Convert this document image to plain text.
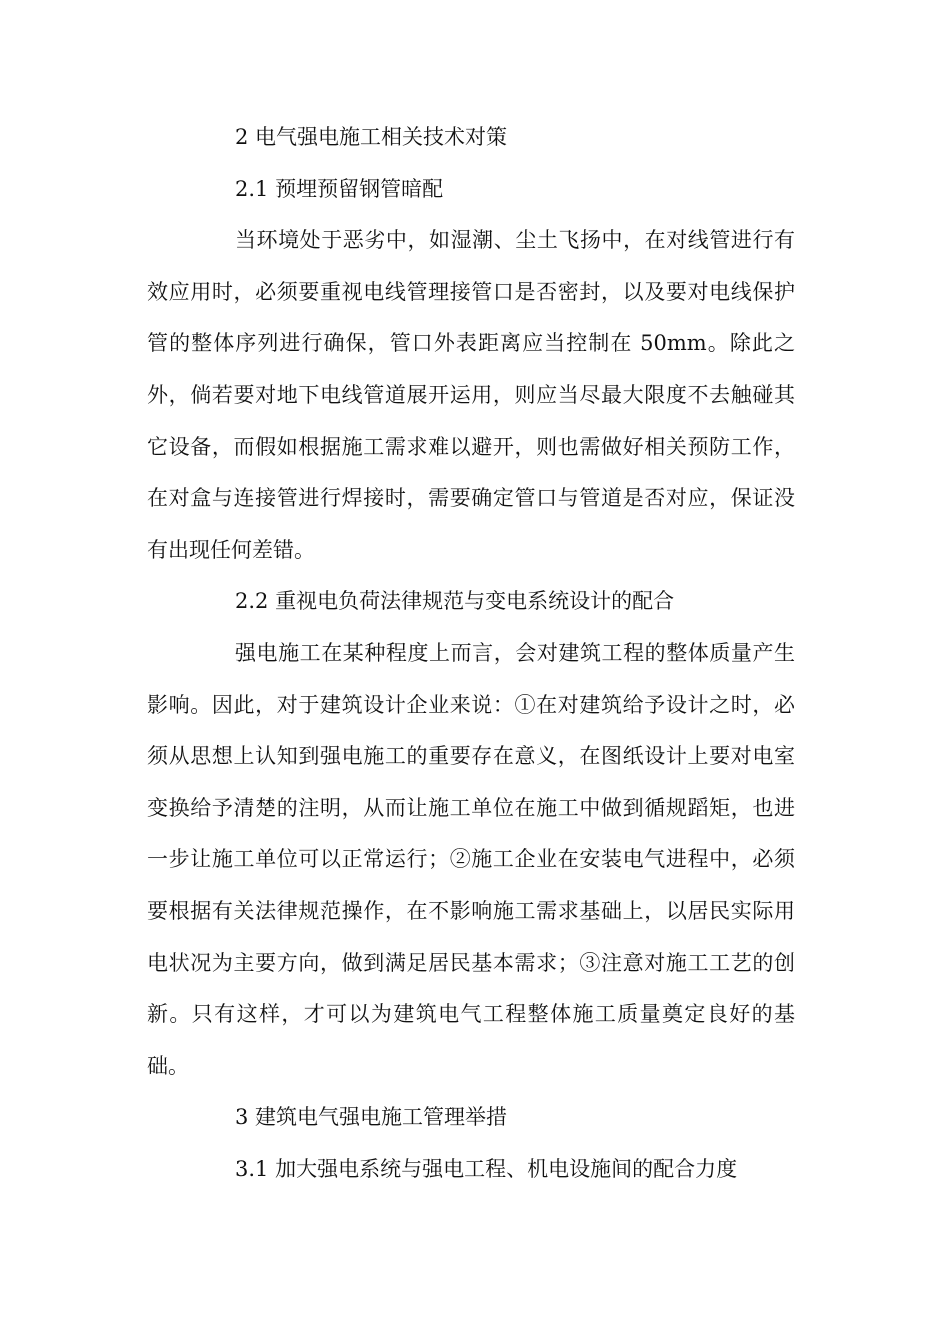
2 电气强电施工相关技术对策

2.1 预埋预留钢管暗配

当环境处于恶劣中，如湿潮、尘土飞扬中，在对线管进行有效应用时，必须要重视电线管理接管口是否密封，以及要对电线保护管的整体序列进行确保，管口外表距离应当控制在 50mm。除此之外，倘若要对地下电线管道展开运用，则应当尽最大限度不去触碰其它设备，而假如根据施工需求难以避开，则也需做好相关预防工作，在对盒与连接管进行焊接时，需要确定管口与管道是否对应，保证没有出现任何差错。

2.2 重视电负荷法律规范与变电系统设计的配合

强电施工在某种程度上而言，会对建筑工程的整体质量产生影响。因此，对于建筑设计企业来说：①在对建筑给予设计之时，必须从思想上认知到强电施工的重要存在意义，在图纸设计上要对电室变换给予清楚的注明，从而让施工单位在施工中做到循规蹈矩，也进一步让施工单位可以正常运行；②施工企业在安装电气进程中，必须要根据有关法律规范操作，在不影响施工需求基础上，以居民实际用电状况为主要方向，做到满足居民基本需求；③注意对施工工艺的创新。只有这样，才可以为建筑电气工程整体施工质量奠定良好的基础。

3 建筑电气强电施工管理举措

3.1 加大强电系统与强电工程、机电设施间的配合力度
